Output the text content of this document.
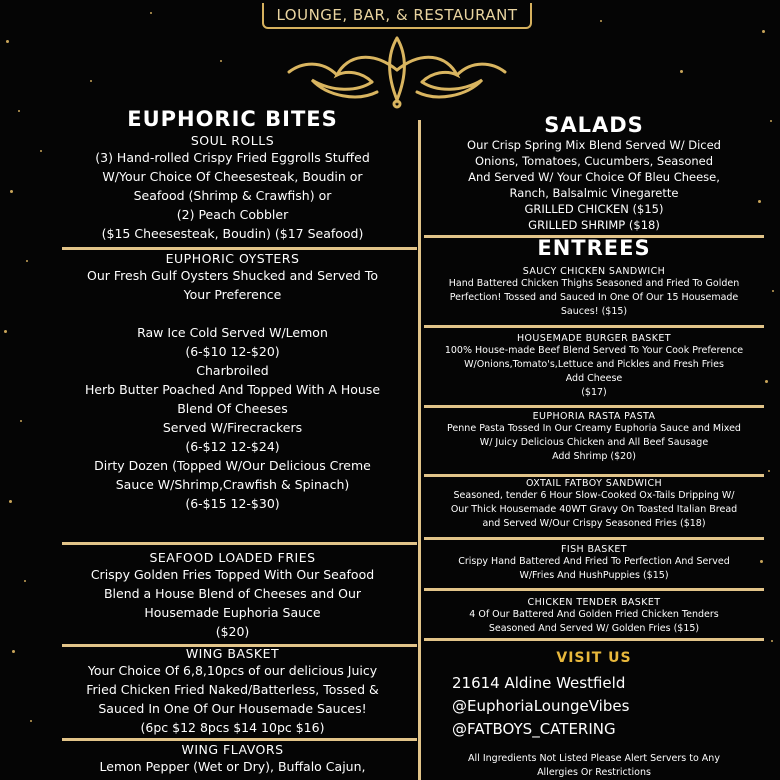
LOUNGE, BAR, & RESTAURANT
EUPHORIC BITES
SOUL ROLLS
(3) Hand-rolled Crispy Fried Eggrolls Stuffed
W/Your Choice Of Cheesesteak, Boudin or
Seafood (Shrimp & Crawfish) or
(2) Peach Cobbler
($15 Cheesesteak, Boudin) ($17 Seafood)
EUPHORIC OYSTERS
Our Fresh Gulf Oysters Shucked and Served To
Your Preference
Raw Ice Cold Served W/Lemon
(6-$10 12-$20)
Charbroiled
Herb Butter Poached And Topped With A House
Blend Of Cheeses
Served W/Firecrackers
(6-$12 12-$24)
Dirty Dozen (Topped W/Our Delicious Creme
Sauce W/Shrimp,Crawfish & Spinach)
(6-$15 12-$30)
SEAFOOD LOADED FRIES
Crispy Golden Fries Topped With Our Seafood
Blend a House Blend of Cheeses and Our
Housemade Euphoria Sauce
($20)
WING BASKET
Your Choice Of 6,8,10pcs of our delicious Juicy
Fried Chicken Fried Naked/Batterless, Tossed &
Sauced In One Of Our Housemade Sauces!
(6pc $12 8pcs $14 10pc $16)
WING FLAVORS
Lemon Pepper (Wet or Dry), Buffalo Cajun,
SALADS
Our Crisp Spring Mix Blend Served W/ Diced
Onions, Tomatoes, Cucumbers, Seasoned
And Served W/ Your Choice Of Bleu Cheese,
Ranch, Balsalmic Vinegarette
GRILLED CHICKEN ($15)
GRILLED SHRIMP ($18)
ENTREES
SAUCY CHICKEN SANDWICH
Hand Battered Chicken Thighs Seasoned and Fried To Golden
Perfection! Tossed and Sauced In One Of Our 15 Housemade
Sauces! ($15)
HOUSEMADE BURGER BASKET
100% House-made Beef Blend Served To Your Cook Preference
W/Onions,Tomato's,Lettuce and Pickles and Fresh Fries
Add Cheese
($17)
EUPHORIA RASTA PASTA
Penne Pasta Tossed In Our Creamy Euphoria Sauce and Mixed
W/ Juicy Delicious Chicken and All Beef Sausage
Add Shrimp ($20)
OXTAIL FATBOY SANDWICH
Seasoned, tender 6 Hour Slow-Cooked Ox-Tails Dripping W/
Our Thick Housemade 40WT Gravy On Toasted Italian Bread
and Served W/Our Crispy Seasoned Fries ($18)
FISH BASKET
Crispy Hand Battered And Fried To Perfection And Served
W/Fries And HushPuppies ($15)
CHICKEN TENDER BASKET
4 Of Our Battered And Golden Fried Chicken Tenders
Seasoned And Served W/ Golden Fries ($15)
VISIT US
21614 Aldine Westfield
@EuphoriaLoungeVibes
@FATBOYS_CATERING
All Ingredients Not Listed Please Alert Servers to Any
Allergies Or Restrictions
